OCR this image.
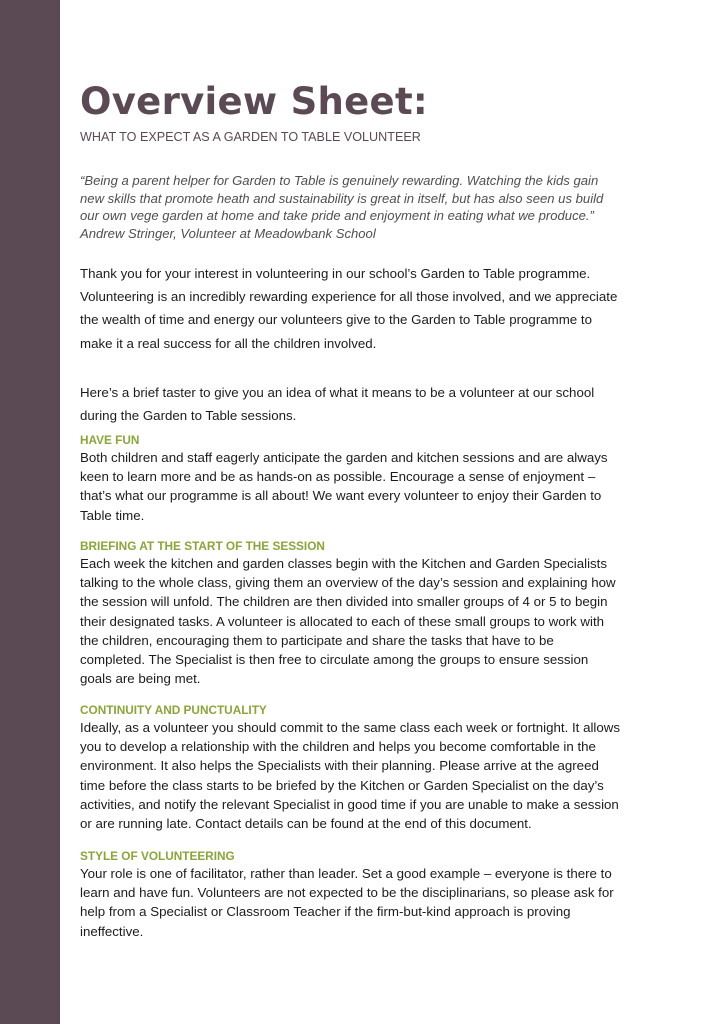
Overview Sheet:

WHAT TO EXPECT AS A GARDEN TO TABLE VOLUNTEER

“Being a parent helper for Garden to Table is genuinely rewarding. Watching the kids gain
new skills that promote heath and sustainability is great in itself, but has also seen us build
our own vege garden at home and take pride and enjoyment in eating what we produce.”
Andrew Stringer, Volunteer at Meadowbank School

Thank you for your interest in volunteering in our school’s Garden to Table programme.
Volunteering is an incredibly rewarding experience for all those involved, and we appreciate
the wealth of time and energy our volunteers give to the Garden to Table programme to
make it a real success for all the children involved.

Here’s a brief taster to give you an idea of what it means to be a volunteer at our school
during the Garden to Table sessions.

HAVE FUN

Both children and staff eagerly anticipate the garden and kitchen sessions and are always
keen to learn more and be as hands-on as possible. Encourage a sense of enjoyment –
that’s what our programme is all about! We want every volunteer to enjoy their Garden to
Table time.

BRIEFING AT THE START OF THE SESSION

Each week the kitchen and garden classes begin with the Kitchen and Garden Specialists
talking to the whole class, giving them an overview of the day’s session and explaining how
the session will unfold. The children are then divided into smaller groups of 4 or 5 to begin
their designated tasks. A volunteer is allocated to each of these small groups to work with
the children, encouraging them to participate and share the tasks that have to be
completed. The Specialist is then free to circulate among the groups to ensure session
goals are being met.

CONTINUITY AND PUNCTUALITY

Ideally, as a volunteer you should commit to the same class each week or fortnight. It allows
you to develop a relationship with the children and helps you become comfortable in the
environment. It also helps the Specialists with their planning. Please arrive at the agreed
time before the class starts to be briefed by the Kitchen or Garden Specialist on the day’s
activities, and notify the relevant Specialist in good time if you are unable to make a session
or are running late. Contact details can be found at the end of this document.

STYLE OF VOLUNTEERING

Your role is one of facilitator, rather than leader. Set a good example – everyone is there to
learn and have fun. Volunteers are not expected to be the disciplinarians, so please ask for
help from a Specialist or Classroom Teacher if the firm-but-kind approach is proving
ineffective.
